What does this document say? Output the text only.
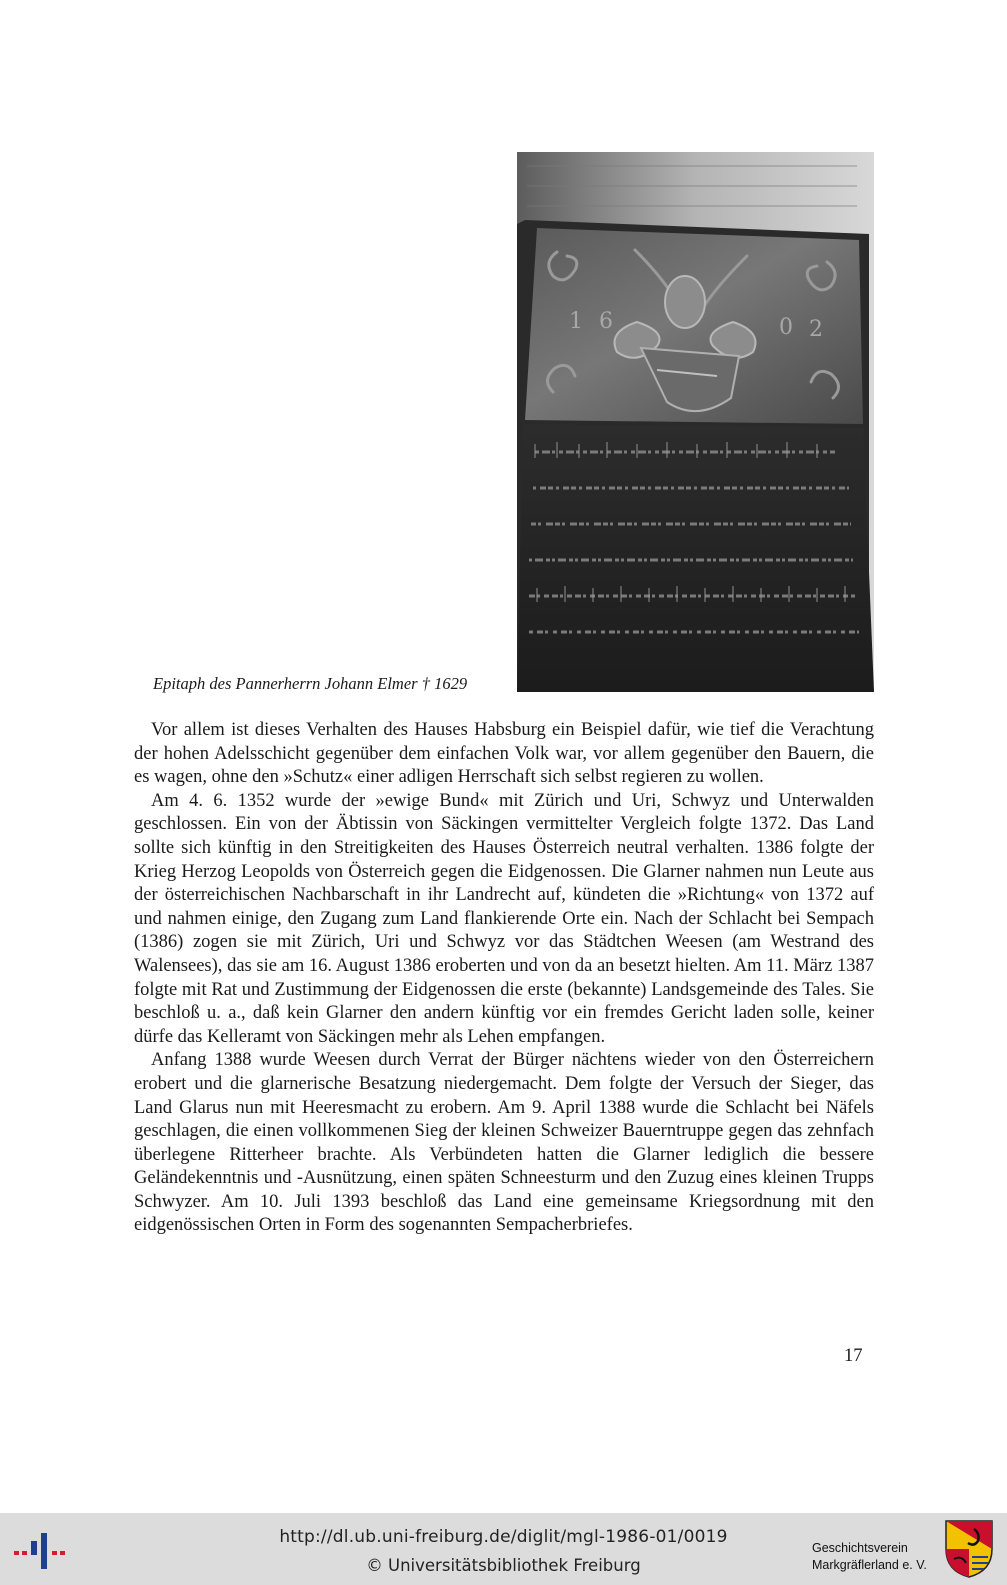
1 6	0 2
Epitaph des Pannerherrn Johann Elmer † 1629

Vor allem ist dieses Verhalten des Hauses Habsburg ein Beispiel dafür, wie tief die Verachtung der hohen Adelsschicht gegenüber dem einfachen Volk war, vor allem gegenüber den Bauern, die es wagen, ohne den »Schutz« einer adligen Herrschaft sich selbst regieren zu wollen.

Am 4. 6. 1352 wurde der »ewige Bund« mit Zürich und Uri, Schwyz und Unterwalden geschlossen. Ein von der Äbtissin von Säckingen vermittelter Vergleich folgte 1372. Das Land sollte sich künftig in den Streitigkeiten des Hauses Österreich neutral verhalten. 1386 folgte der Krieg Herzog Leopolds von Österreich gegen die Eidgenossen. Die Glarner nahmen nun Leute aus der österreichischen Nachbarschaft in ihr Landrecht auf, kündeten die »Richtung« von 1372 auf und nahmen einige, den Zugang zum Land flankierende Orte ein. Nach der Schlacht bei Sempach (1386) zogen sie mit Zürich, Uri und Schwyz vor das Städtchen Weesen (am Westrand des Walensees), das sie am 16. August 1386 eroberten und von da an besetzt hielten. Am 11. März 1387 folgte mit Rat und Zustimmung der Eidgenossen die erste (bekannte) Landsgemeinde des Tales. Sie beschloß u. a., daß kein Glarner den andern künftig vor ein fremdes Gericht laden solle, keiner dürfe das Kelleramt von Säckingen mehr als Lehen empfangen.

Anfang 1388 wurde Weesen durch Verrat der Bürger nächtens wieder von den Österreichern erobert und die glarnerische Besatzung niedergemacht. Dem folgte der Versuch der Sieger, das Land Glarus nun mit Heeresmacht zu erobern. Am 9. April 1388 wurde die Schlacht bei Näfels geschlagen, die einen vollkommenen Sieg der kleinen Schweizer Bauerntruppe gegen das zehnfach überlegene Ritterheer brachte. Als Verbündeten hatten die Glarner lediglich die bessere Geländekenntnis und -Ausnützung, einen späten Schneesturm und den Zuzug eines kleinen Trupps Schwyzer. Am 10. Juli 1393 beschloß das Land eine gemeinsame Kriegsordnung mit den eidgenössischen Orten in Form des sogenannten Sempacherbriefes.

17
http://dl.ub.uni-freiburg.de/diglit/mgl-1986-01/0019
© Universitätsbibliothek Freiburg
Geschichtsverein
Markgräflerland e. V.
